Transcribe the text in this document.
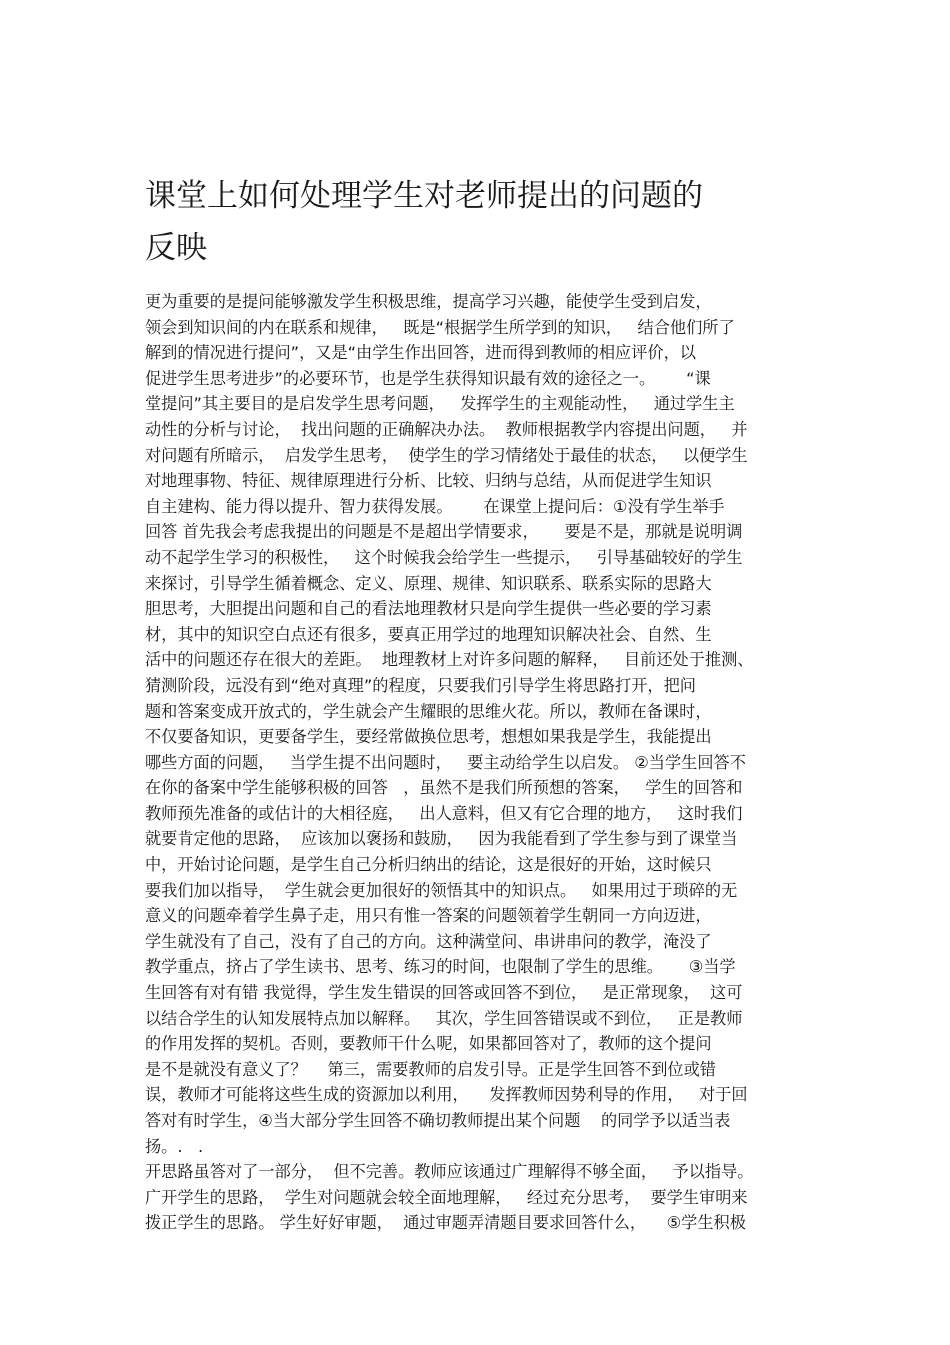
课堂上如何处理学生对老师提出的问题的
反映
更为重要的是提问能够激发学生积极思维，提高学习兴趣，能使学生受到启发，
领会到知识间的内在联系和规律，   既是“根据学生所学到的知识，   结合他们所了
解到的情况进行提问”，又是“由学生作出回答，进而得到教师的相应评价，以
促进学生思考进步”的必要环节，也是学生获得知识最有效的途径之一。      “课
堂提问”其主要目的是启发学生思考问题，   发挥学生的主观能动性，   通过学生主
动性的分析与讨论，  找出问题的正确解决办法。  教师根据教学内容提出问题，   并
对问题有所暗示，  启发学生思考，  使学生的学习情绪处于最佳的状态，   以便学生
对地理事物、特征、规律原理进行分析、比较、归纳与总结，从而促进学生知识
自主建构、能力得以提升、智力获得发展。      在课堂上提问后：①没有学生举手
回答 首先我会考虑我提出的问题是不是超出学情要求，     要是不是，那就是说明调
动不起学生学习的积极性，   这个时候我会给学生一些提示，   引导基础较好的学生
来探讨，引导学生循着概念、定义、原理、规律、知识联系、联系实际的思路大
胆思考，大胆提出问题和自己的看法地理教材只是向学生提供一些必要的学习素
材，其中的知识空白点还有很多，要真正用学过的地理知识解决社会、自然、生
活中的问题还存在很大的差距。  地理教材上对许多问题的解释，   目前还处于推测、
猜测阶段，远没有到“绝对真理”的程度，只要我们引导学生将思路打开，把问
题和答案变成开放式的，学生就会产生耀眼的思维火花。所以，教师在备课时，
不仅要备知识，更要备学生，要经常做换位思考，想想如果我是学生，我能提出
哪些方面的问题，   当学生提不出问题时，   要主动给学生以启发。 ②当学生回答不
在你的备案中学生能够积极的回答   ，虽然不是我们所预想的答案，   学生的回答和
教师预先准备的或估计的大相径庭，   出人意料，但又有它合理的地方，   这时我们
就要肯定他的思路，  应该加以褒扬和鼓励，   因为我能看到了学生参与到了课堂当
中，开始讨论问题，是学生自己分析归纳出的结论，这是很好的开始，这时候只
要我们加以指导，  学生就会更加很好的领悟其中的知识点。   如果用过于琐碎的无
意义的问题牵着学生鼻子走，用只有惟一答案的问题领着学生朝同一方向迈进，
学生就没有了自己，没有了自己的方向。这种满堂问、串讲串问的教学，淹没了
教学重点，挤占了学生读书、思考、练习的时间，也限制了学生的思维。     ③当学
生回答有对有错 我觉得，学生发生错误的回答或回答不到位，   是正常现象，  这可
以结合学生的认知发展特点加以解释。   其次，学生回答错误或不到位，   正是教师
的作用发挥的契机。否则，要教师干什么呢，如果都回答对了，教师的这个提问
是不是就没有意义了？    第三，需要教师的启发引导。正是学生回答不到位或错
误，教师才可能将这些生成的资源加以利用，    发挥教师因势利导的作用，   对于回
答对有时学生，④当大部分学生回答不确切教师提出某个问题    的同学予以适当表
扬。.   .
开思路虽答对了一部分，  但不完善。教师应该通过广理解得不够全面，   予以指导。
广开学生的思路，  学生对问题就会较全面地理解，   经过充分思考，  要学生审明来
拨正学生的思路。 学生好好审题，  通过审题弄清题目要求回答什么，    ⑤学生积极
